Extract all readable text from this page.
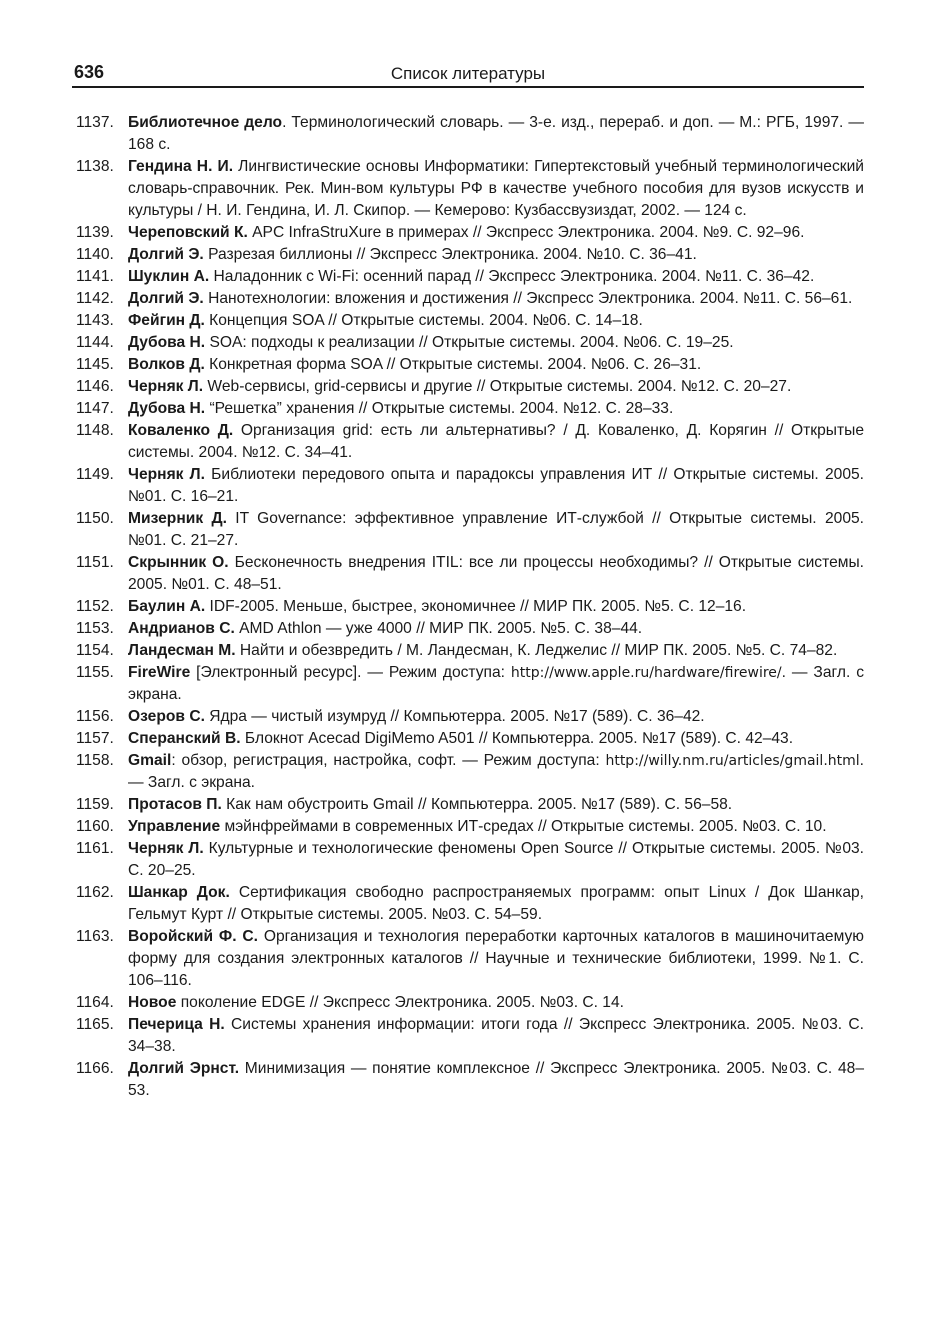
636	Список литературы
1137. Библиотечное дело. Терминологический словарь. — 3-е. изд., перераб. и доп. — М.: РГБ, 1997. — 168 с.
1138. Гендина Н. И. Лингвистические основы Информатики: Гипертекстовый учебный терминологический словарь-справочник. Рек. Мин-вом культуры РФ в качестве учебного пособия для вузов искусств и культуры / Н. И. Гендина, И. Л. Скипор. — Кемерово: Кузбассвузиздат, 2002. — 124 с.
1139. Череповский К. APC InfraStruXure в примерах // Экспресс Электроника. 2004. №9. С. 92–96.
1140. Долгий Э. Разрезая биллионы // Экспресс Электроника. 2004. №10. С. 36–41.
1141. Шуклин А. Наладонник с Wi-Fi: осенний парад // Экспресс Электроника. 2004. №11. С. 36–42.
1142. Долгий Э. Нанотехнологии: вложения и достижения // Экспресс Электроника. 2004. №11. С. 56–61.
1143. Фейгин Д. Концепция SOA // Открытые системы. 2004. №06. С. 14–18.
1144. Дубова Н. SOA: подходы к реализации // Открытые системы. 2004. №06. С. 19–25.
1145. Волков Д. Конкретная форма SOA // Открытые системы. 2004. №06. С. 26–31.
1146. Черняк Л. Web-сервисы, grid-сервисы и другие // Открытые системы. 2004. №12. С. 20–27.
1147. Дубова Н. “Решетка” хранения // Открытые системы. 2004. №12. С. 28–33.
1148. Коваленко Д. Организация grid: есть ли альтернативы? / Д. Коваленко, Д. Корягин // Открытые системы. 2004. №12. С. 34–41.
1149. Черняк Л. Библиотеки передового опыта и парадоксы управления ИТ // Открытые системы. 2005. №01. С. 16–21.
1150. Мизерник Д. IT Governance: эффективное управление ИТ-службой // Открытые системы. 2005. №01. С. 21–27.
1151. Скрынник О. Бесконечность внедрения ITIL: все ли процессы необходимы? // Открытые системы. 2005. №01. С. 48–51.
1152. Баулин А. IDF-2005. Меньше, быстрее, экономичнее // МИР ПК. 2005. №5. С. 12–16.
1153. Андрианов С. AMD Athlon — уже 4000 // МИР ПК. 2005. №5. С. 38–44.
1154. Ландесман М. Найти и обезвредить / М. Ландесман, К. Леджелис // МИР ПК. 2005. №5. С. 74–82.
1155. FireWire [Электронный ресурс]. — Режим доступа: http://www.apple.ru/hardware/firewire/. — Загл. с экрана.
1156. Озеров С. Ядра — чистый изумруд // Компьютерра. 2005. №17 (589). С. 36–42.
1157. Сперанский В. Блокнот Acecad DigiMemo A501 // Компьютерра. 2005. №17 (589). С. 42–43.
1158. Gmail: обзор, регистрация, настройка, софт. — Режим доступа: http://willy.nm.ru/articles/gmail.html. — Загл. с экрана.
1159. Протасов П. Как нам обустроить Gmail // Компьютерра. 2005. №17 (589). С. 56–58.
1160. Управление мэйнфреймами в современных ИТ-средах // Открытые системы. 2005. №03. С. 10.
1161. Черняк Л. Культурные и технологические феномены Open Source // Открытые системы. 2005. №03. С. 20–25.
1162. Шанкар Док. Сертификация свободно распространяемых программ: опыт Linux / Док Шанкар, Гельмут Курт // Открытые системы. 2005. №03. С. 54–59.
1163. Воройский Ф. С. Организация и технология переработки карточных каталогов в машиночитаемую форму для создания электронных каталогов // Научные и технические библиотеки, 1999. №1. С. 106–116.
1164. Новое поколение EDGE // Экспресс Электроника. 2005. №03. С. 14.
1165. Печерица Н. Системы хранения информации: итоги года // Экспресс Электроника. 2005. №03. С. 34–38.
1166. Долгий Эрнст. Минимизация — понятие комплексное // Экспресс Электроника. 2005. №03. С. 48–53.
